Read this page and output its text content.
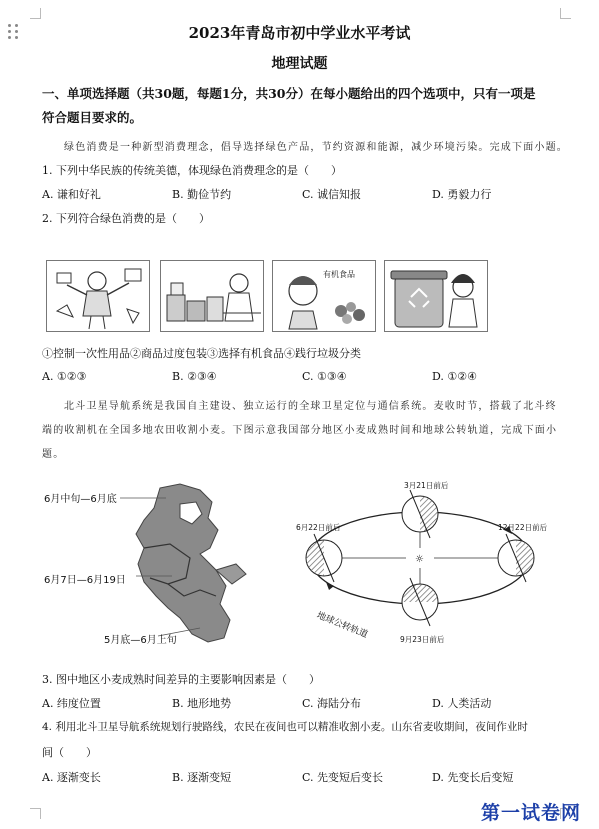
2023年青岛市初中学业水平考试
地理试题
一、单项选择题（共30题，每题1分，共30分）在每小题给出的四个选项中，只有一项是
符合题目要求的。
绿色消费是一种新型消费理念，倡导选择绿色产品，节约资源和能源，减少环境污染。完成下面小题。
1. 下列中华民族的传统美德，体现绿色消费理念的是（　　）
A. 谦和好礼	B. 勤俭节约	C. 诚信知报	D. 勇毅力行
2. 下列符合绿色消费的是（　　）
有机食品
①控制一次性用品②商品过度包装③选择有机食品④践行垃圾分类
A. ①②③	B. ②③④	C. ①③④	D. ①②④
北斗卫星导航系统是我国自主建设、独立运行的全球卫星定位与通信系统。麦收时节，搭载了北斗终
端的收割机在全国多地农田收割小麦。下图示意我国部分地区小麦成熟时间和地球公转轨道，完成下面小
题。
6月中旬—6月底
6月7日—6月19日
5月底—6月上旬
☼
3月21日前后
6月22日前后	12月22日前后
9月23日前后
地球公转轨道
3. 图中地区小麦成熟时间差异的主要影响因素是（　　）
A. 纬度位置	B. 地形地势	C. 海陆分布	D. 人类活动
4. 利用北斗卫星导航系统规划行驶路线，农民在夜间也可以精准收割小麦。山东省麦收期间，夜间作业时
间（　　）
A. 逐渐变长	B. 逐渐变短	C. 先变短后变长	D. 先变长后变短
第一试卷网
